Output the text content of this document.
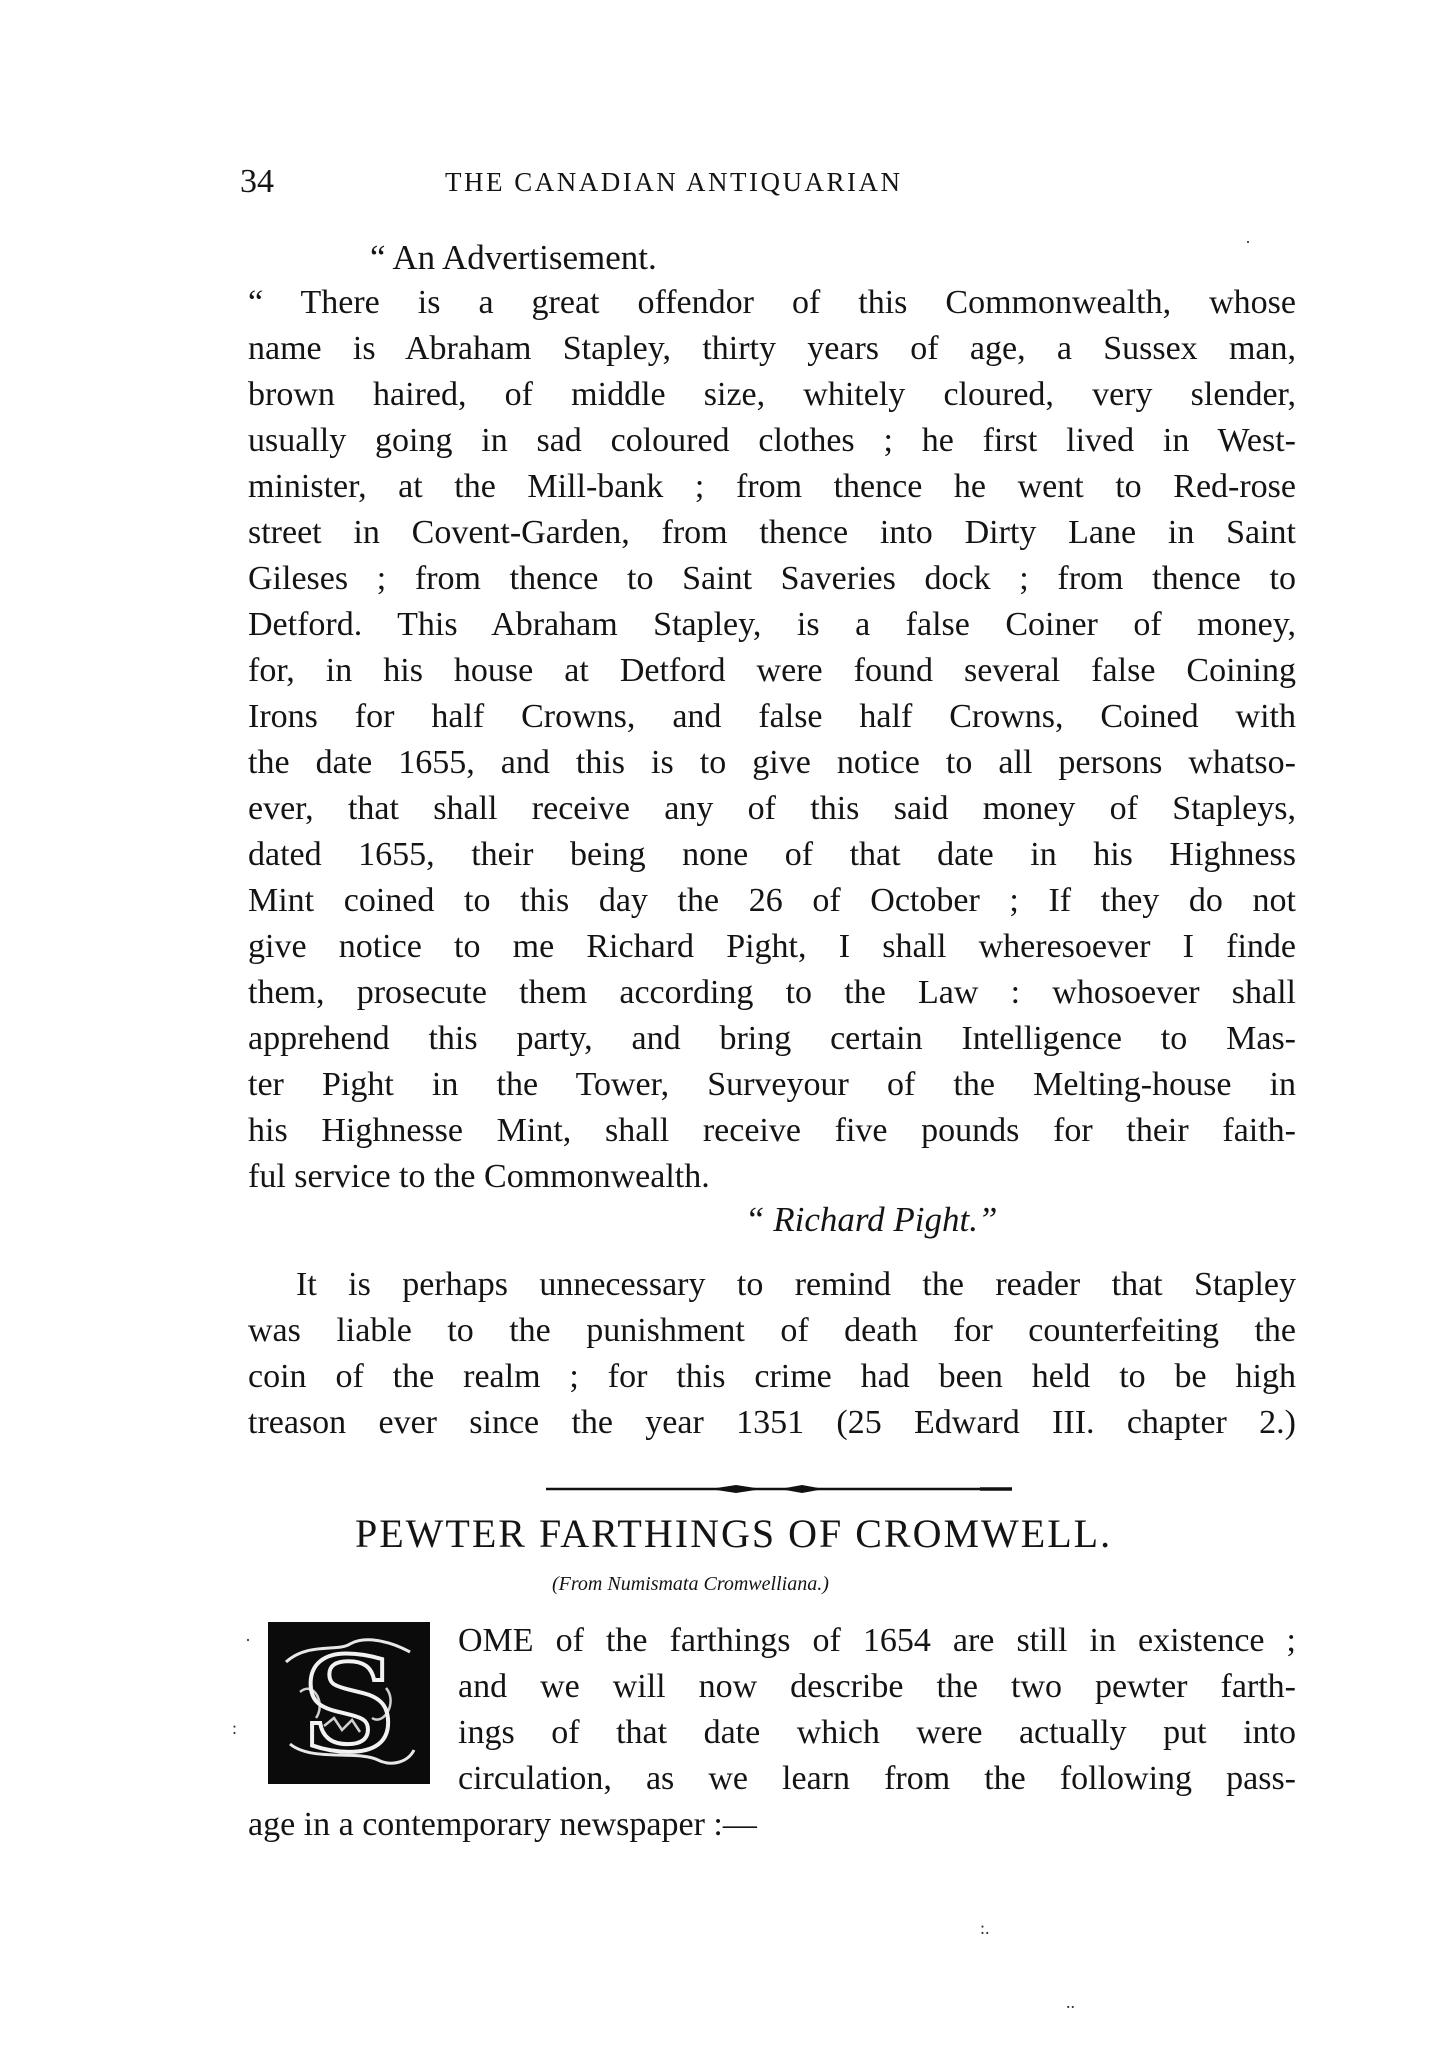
34	THE CANADIAN ANTIQUARIAN
“ An Advertisement.
“ There is a great offendor of this Commonwealth, whose
name is Abraham Stapley, thirty years of age, a Sussex man,
brown haired, of middle size, whitely cloured, very slender,
usually going in sad coloured clothes ; he first lived in West-
minister, at the Mill-bank ; from thence he went to Red-rose
street in Covent-Garden, from thence into Dirty Lane in Saint
Gileses ; from thence to Saint Saveries dock ; from thence to
Detford. This Abraham Stapley, is a false Coiner of money,
for, in his house at Detford were found several false Coining
Irons for half Crowns, and false half Crowns, Coined with
the date 1655, and this is to give notice to all persons whatso-
ever, that shall receive any of this said money of Stapleys,
dated 1655, their being none of that date in his Highness
Mint coined to this day the 26 of October ; If they do not
give notice to me Richard Pight, I shall wheresoever I finde
them, prosecute them according to the Law : whosoever shall
apprehend this party, and bring certain Intelligence to Mas-
ter Pight in the Tower, Surveyour of the Melting-house in
his Highnesse Mint, shall receive five pounds for their faith-
ful service to the Commonwealth.
“ Richard Pight.”
It is perhaps unnecessary to remind the reader that Stapley
was liable to the punishment of death for counterfeiting the
coin of the realm ; for this crime had been held to be high
treason ever since the year 1351 (25 Edward III. chapter 2.)
PEWTER FARTHINGS OF CROMWELL.
(From Numismata Cromwelliana.)
S OME of the farthings of 1654 are still in existence ;
and we will now describe the two pewter farth-
ings of that date which were actually put into
circulation, as we learn from the following pass-
age in a contemporary newspaper :—
·
·
:
:.
..
